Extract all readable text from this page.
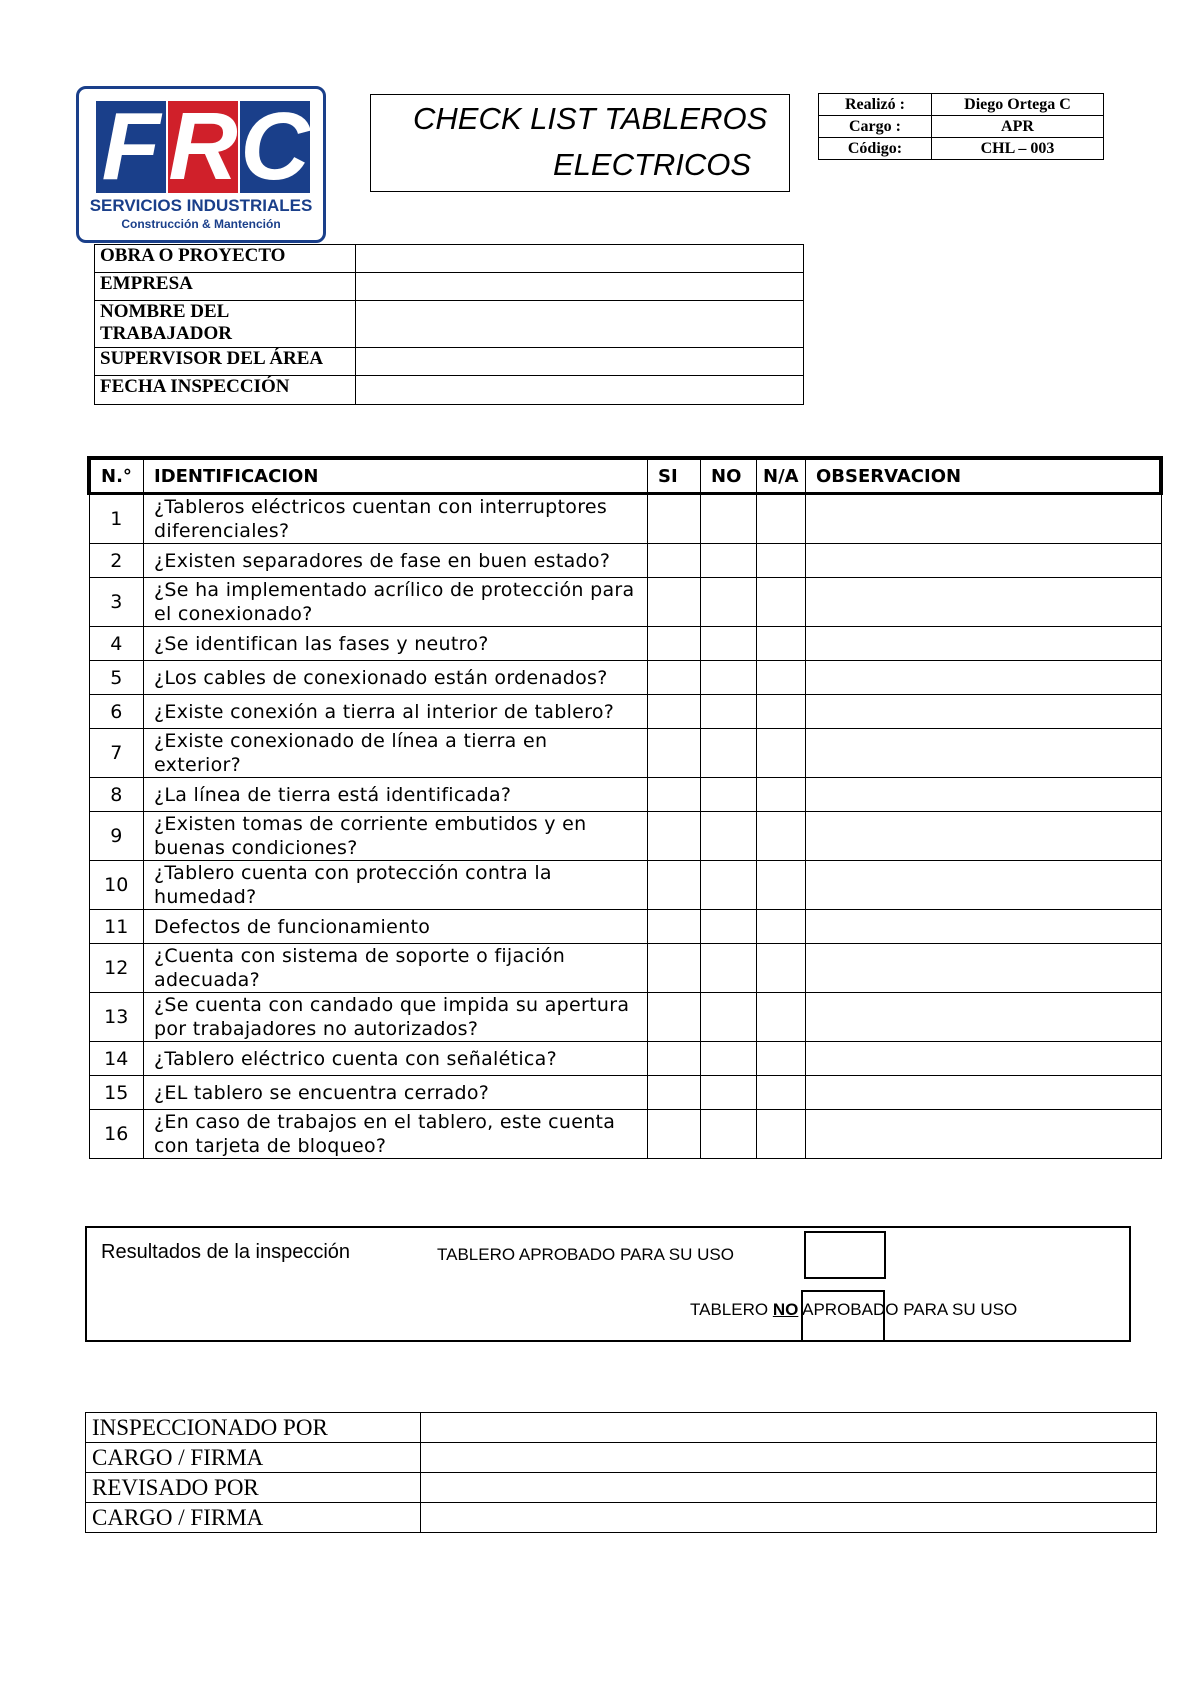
F R C
SERVICIOS INDUSTRIALES
Construcción & Mantención
CHECK LIST TABLEROS
ELECTRICOS
Realizó :	Diego Ortega C
Cargo :	APR
Código:	CHL – 003
OBRA O PROYECTO	
EMPRESA	
NOMBRE DEL TRABAJADOR	
SUPERVISOR DEL ÁREA	
FECHA INSPECCIÓN	
N.°	IDENTIFICACION	SI	NO	N/A	OBSERVACION
1	¿Tableros eléctricos cuentan con interruptores diferenciales?				
2	¿Existen separadores de fase en buen estado?				
3	¿Se ha implementado acrílico de protección para el conexionado?				
4	¿Se identifican las fases y neutro?				
5	¿Los cables de conexionado están ordenados?				
6	¿Existe conexión a tierra al interior de tablero?				
7	¿Existe conexionado de línea a tierra en exterior?				
8	¿La línea de tierra está identificada?				
9	¿Existen tomas de corriente embutidos y en buenas condiciones?				
10	¿Tablero cuenta con protección contra la humedad?				
11	Defectos de funcionamiento				
12	¿Cuenta con sistema de soporte o fijación adecuada?				
13	¿Se cuenta con candado que impida su apertura por trabajadores no autorizados?				
14	¿Tablero eléctrico cuenta con señalética?				
15	¿EL tablero se encuentra cerrado?				
16	¿En caso de trabajos en el tablero, este cuenta con tarjeta de bloqueo?				
Resultados de la inspección	TABLERO APROBADO PARA SU USO
TABLERO NO APROBADO PARA SU USO
INSPECCIONADO POR	
CARGO / FIRMA	
REVISADO POR	
CARGO / FIRMA	
